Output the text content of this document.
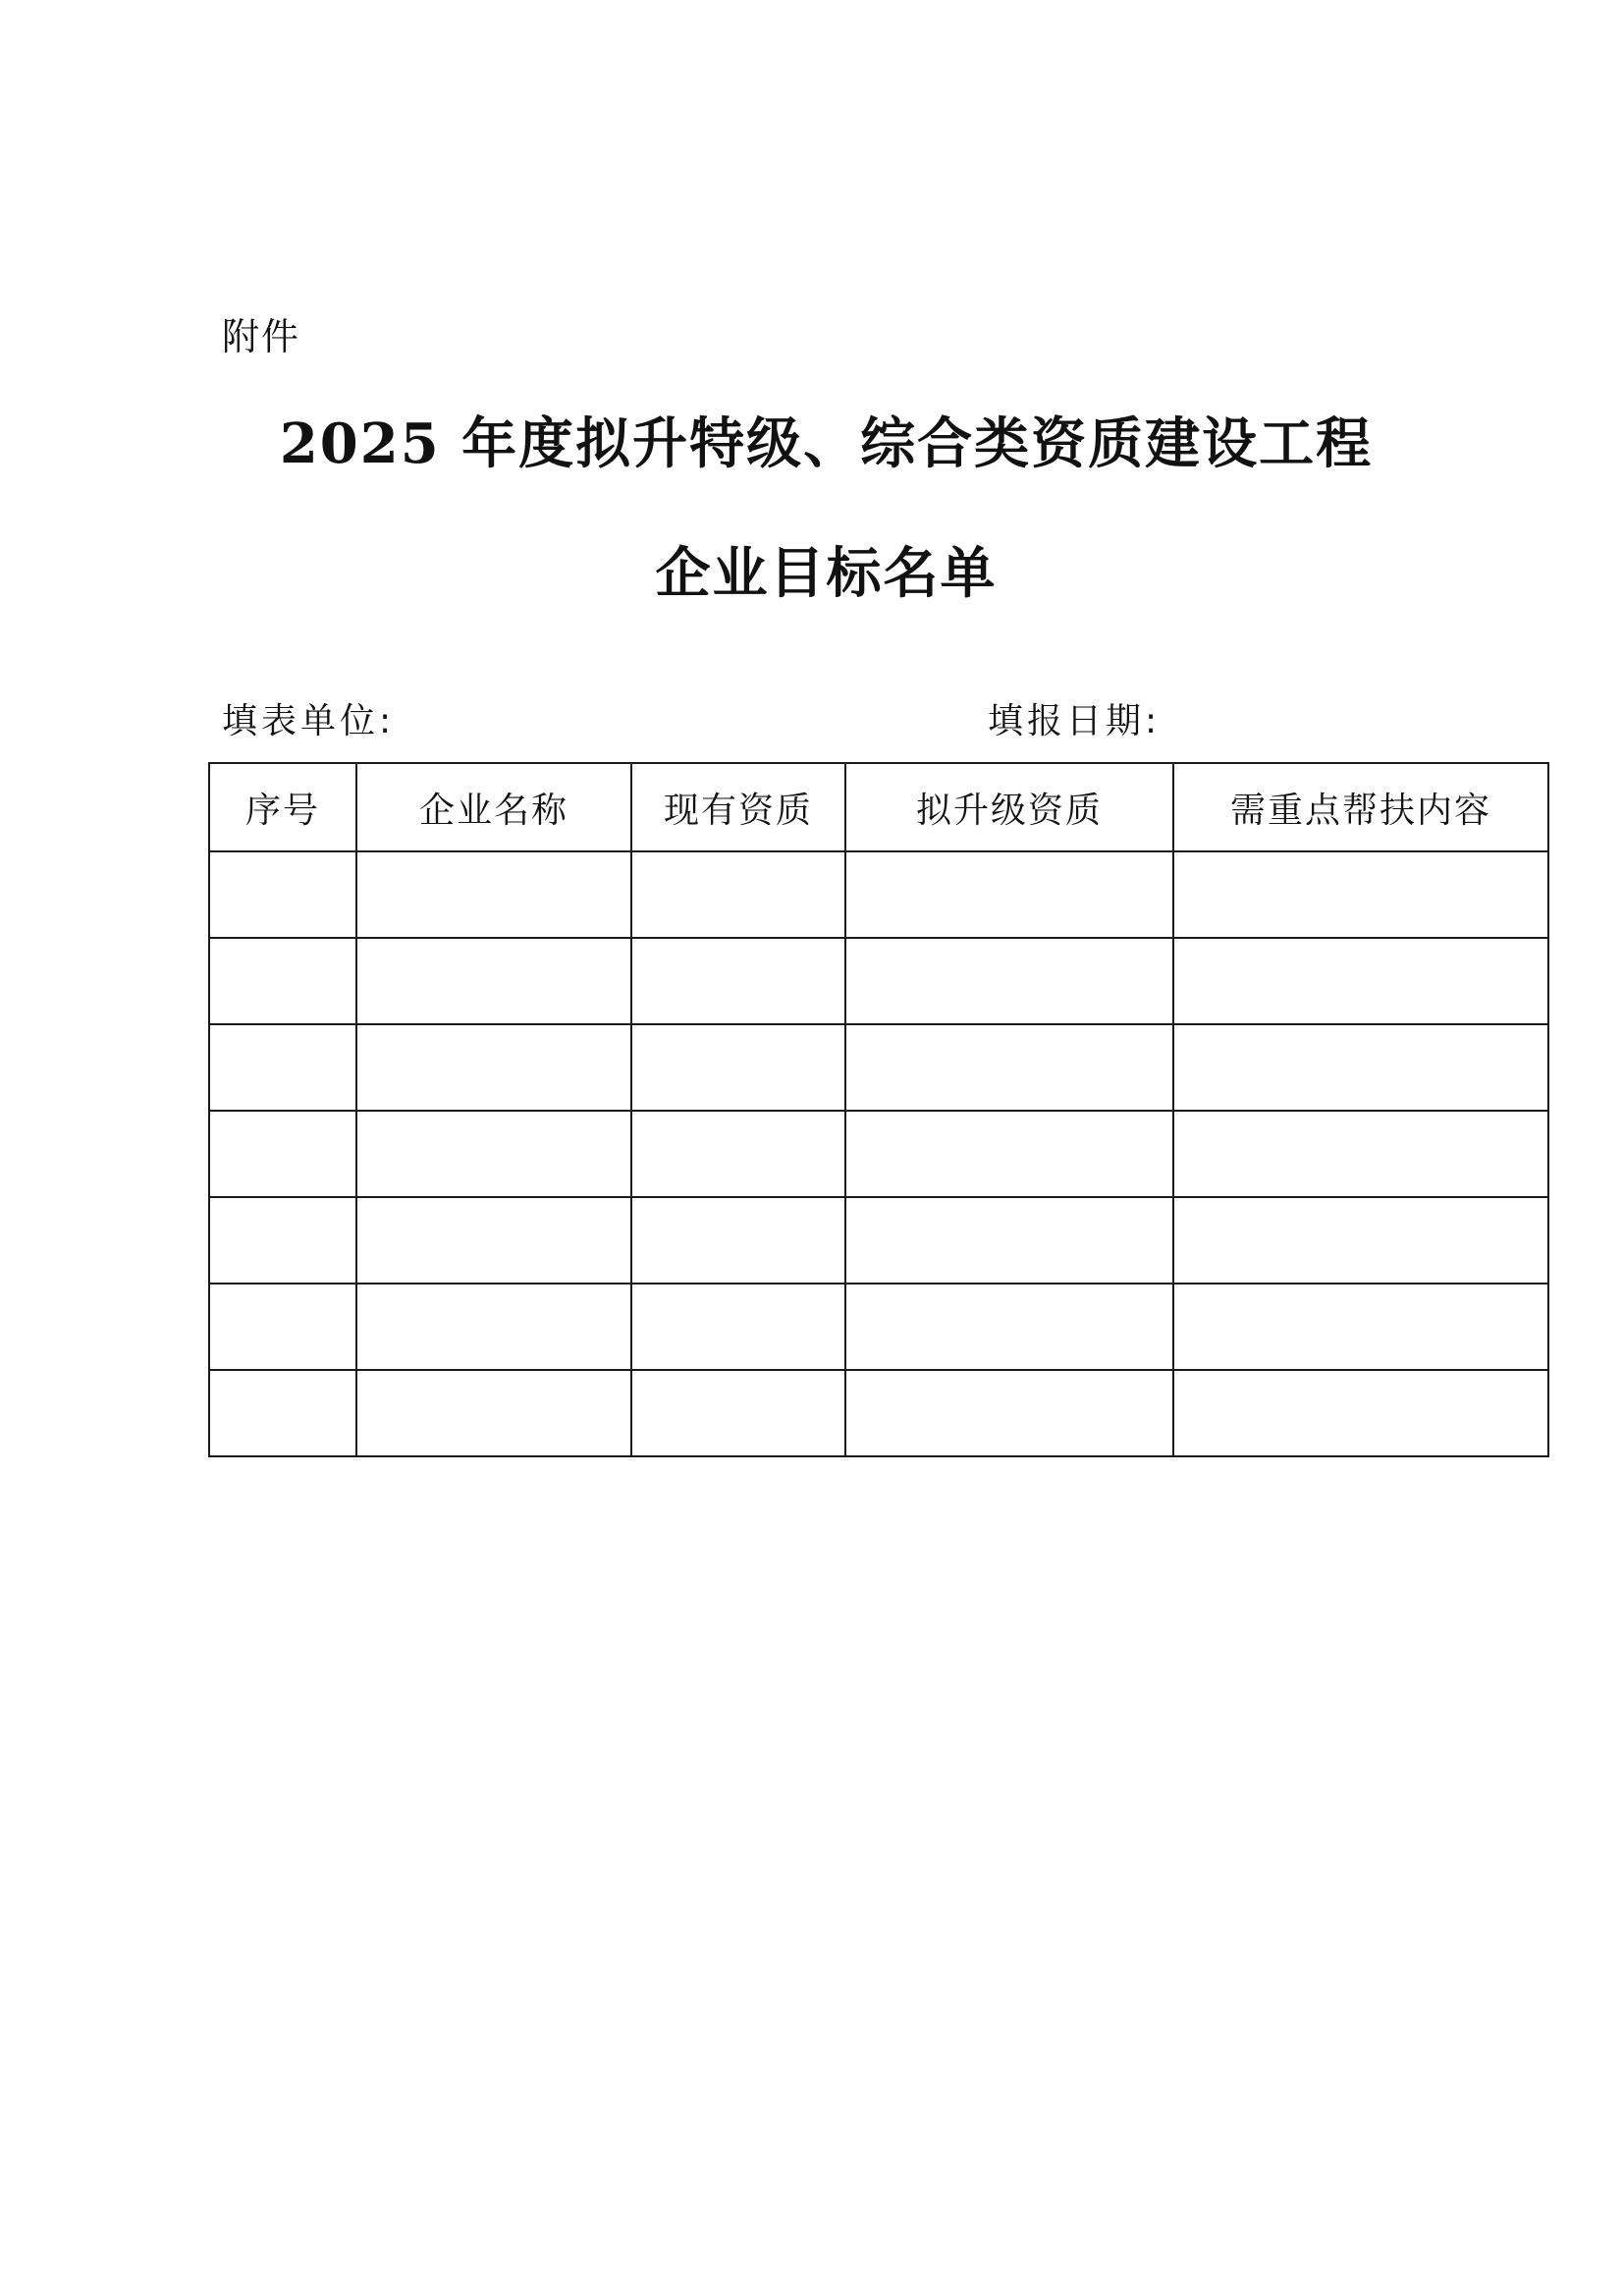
附件
2025 年度拟升特级、综合类资质建设工程
企业目标名单
填表单位:	填报日期:
序号	企业名称	现有资质	拟升级资质	需重点帮扶内容
